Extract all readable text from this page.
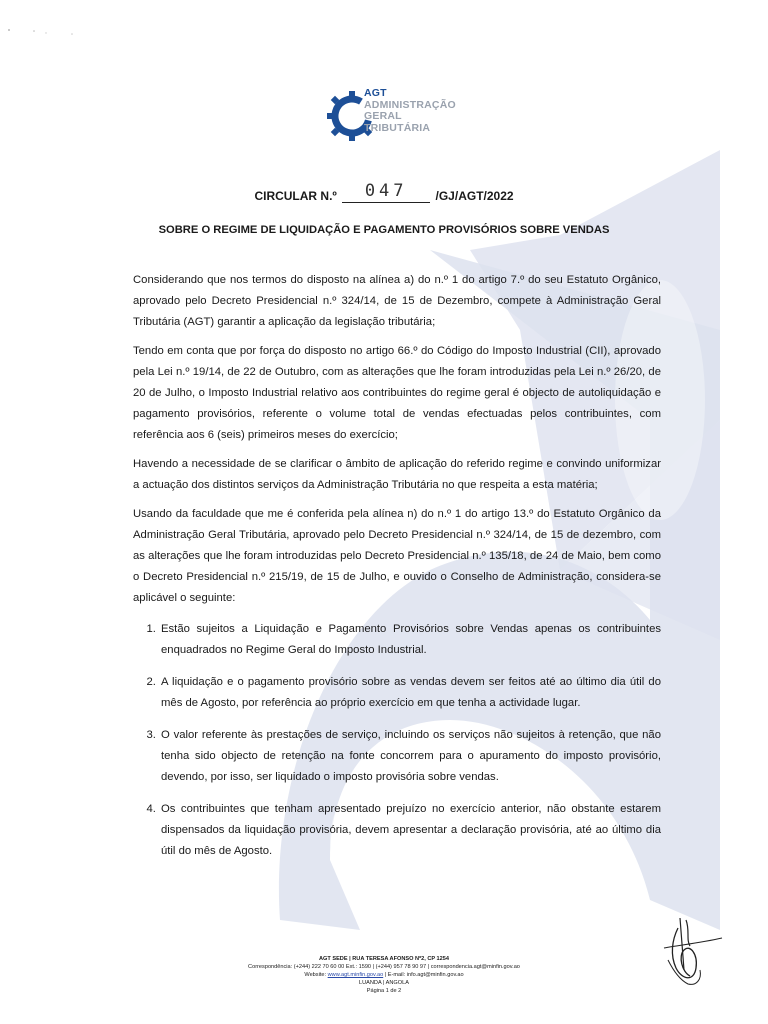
AGT
ADMINISTRAÇÃO
GERAL
TRIBUTÁRIA
CIRCULAR N.º	047	/GJ/AGT/2022
SOBRE O REGIME DE LIQUIDAÇÃO E PAGAMENTO PROVISÓRIOS SOBRE VENDAS

Considerando que nos termos do disposto na alínea a) do n.º 1 do artigo 7.º do seu Estatuto Orgânico, aprovado pelo Decreto Presidencial n.º 324/14, de 15 de Dezembro, compete à Administração Geral Tributária (AGT) garantir a aplicação da legislação tributária;

Tendo em conta que por força do disposto no artigo 66.º do Código do Imposto Industrial (CII), aprovado pela Lei n.º 19/14, de 22 de Outubro, com as alterações que lhe foram introduzidas pela Lei n.º 26/20, de 20 de Julho, o Imposto Industrial relativo aos contribuintes do regime geral é objecto de autoliquidação e pagamento provisórios, referente o volume total de vendas efectuadas pelos contribuintes, com referência aos 6 (seis) primeiros meses do exercício;

Havendo a necessidade de se clarificar o âmbito de aplicação do referido regime e convindo uniformizar a actuação dos distintos serviços da Administração Tributária no que respeita a esta matéria;

Usando da faculdade que me é conferida pela alínea n) do n.º 1 do artigo 13.º do Estatuto Orgânico da Administração Geral Tributária, aprovado pelo Decreto Presidencial n.º 324/14, de 15 de dezembro, com as alterações que lhe foram introduzidas pelo Decreto Presidencial n.º 135/18, de 24 de Maio, bem como o Decreto Presidencial n.º 215/19, de 15 de Julho, e ouvido o Conselho de Administração, considera-se aplicável o seguinte:

1. Estão sujeitos a Liquidação e Pagamento Provisórios sobre Vendas apenas os contribuintes enquadrados no Regime Geral do Imposto Industrial.
2. A liquidação e o pagamento provisório sobre as vendas devem ser feitos até ao último dia útil do mês de Agosto, por referência ao próprio exercício em que tenha a actividade lugar.
3. O valor referente às prestações de serviço, incluindo os serviços não sujeitos à retenção, que não tenha sido objecto de retenção na fonte concorrem para o apuramento do imposto provisório, devendo, por isso, ser liquidado o imposto provisória sobre vendas.
4. Os contribuintes que tenham apresentado prejuízo no exercício anterior, não obstante estarem dispensados da liquidação provisória, devem apresentar a declaração provisória, até ao último dia útil do mês de Agosto.
AGT SEDE | RUA TERESA AFONSO Nº2, CP 1254
Correspondência: (+244) 222 70 60 00 Ext.: 1590 | (+244) 957 78 90 97 | correspondencia.agt@minfin.gov.ao
Website: www.agt.minfin.gov.ao | E-mail: info.agt@minfin.gov.ao
LUANDA | ANGOLA
Página 1 de 2
